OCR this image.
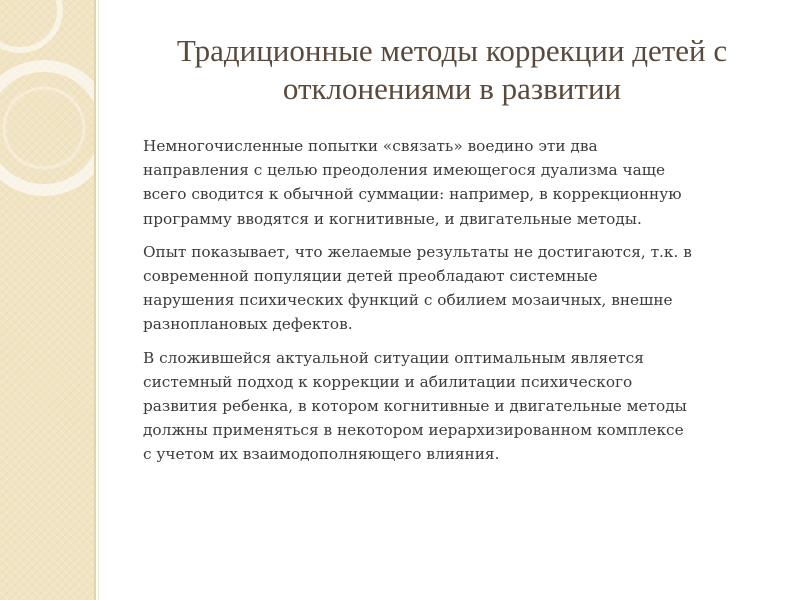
Традиционные методы коррекции детей с отклонениями в развитии

Немногочисленные попытки «связать» воедино эти два
направления с целью преодоления имеющегося дуализма чаще
всего сводится к обычной суммации: например, в коррекционную
программу вводятся и когнитивные, и двигательные методы.

Опыт показывает, что желаемые результаты не достигаются, т.к. в
современной популяции детей преобладают системные
нарушения психических функций с обилием мозаичных, внешне
разноплановых дефектов.

В сложившейся актуальной ситуации оптимальным является
системный подход к коррекции и абилитации психического
развития ребенка, в котором когнитивные и двигательные методы
должны применяться в некотором иерархизированном комплексе
с учетом их взаимодополняющего влияния.
